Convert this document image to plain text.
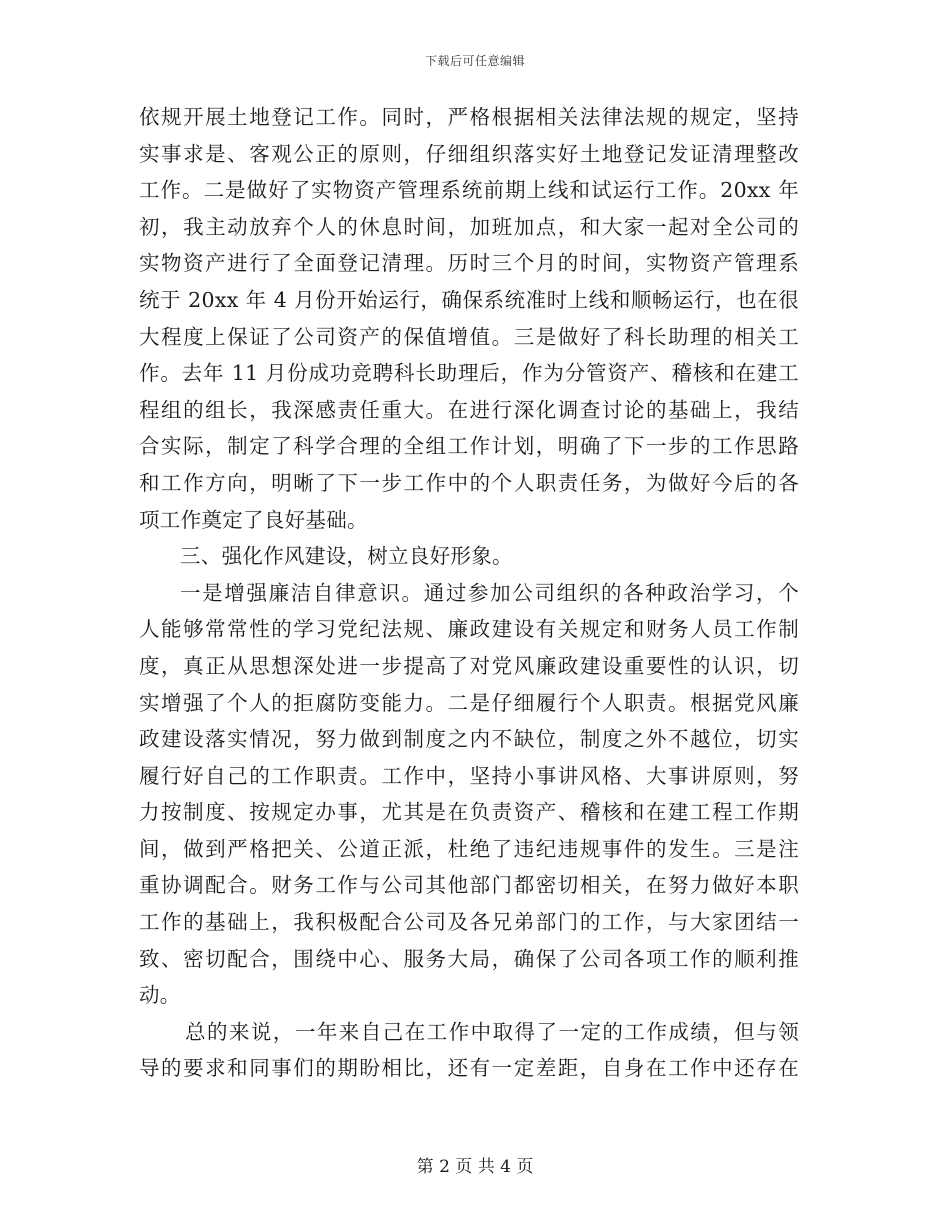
下载后可任意编辑
依规开展土地登记工作。同时，严格根据相关法律法规的规定，坚持
实事求是、客观公正的原则，仔细组织落实好土地登记发证清理整改
工作。二是做好了实物资产管理系统前期上线和试运行工作。20xx 年
初，我主动放弃个人的休息时间，加班加点，和大家一起对全公司的
实物资产进行了全面登记清理。历时三个月的时间，实物资产管理系
统于 20xx 年 4 月份开始运行，确保系统准时上线和顺畅运行，也在很
大程度上保证了公司资产的保值增值。三是做好了科长助理的相关工
作。去年 11 月份成功竞聘科长助理后，作为分管资产、稽核和在建工
程组的组长，我深感责任重大。在进行深化调查讨论的基础上，我结
合实际，制定了科学合理的全组工作计划，明确了下一步的工作思路
和工作方向，明晰了下一步工作中的个人职责任务，为做好今后的各
项工作奠定了良好基础。
三、强化作风建设，树立良好形象。
一是增强廉洁自律意识。通过参加公司组织的各种政治学习，个
人能够常常性的学习党纪法规、廉政建设有关规定和财务人员工作制
度，真正从思想深处进一步提高了对党风廉政建设重要性的认识，切
实增强了个人的拒腐防变能力。二是仔细履行个人职责。根据党风廉
政建设落实情况，努力做到制度之内不缺位，制度之外不越位，切实
履行好自己的工作职责。工作中，坚持小事讲风格、大事讲原则，努
力按制度、按规定办事，尤其是在负责资产、稽核和在建工程工作期
间，做到严格把关、公道正派，杜绝了违纪违规事件的发生。三是注
重协调配合。财务工作与公司其他部门都密切相关，在努力做好本职
工作的基础上，我积极配合公司及各兄弟部门的工作，与大家团结一
致、密切配合，围绕中心、服务大局，确保了公司各项工作的顺利推
动。
总的来说，一年来自己在工作中取得了一定的工作成绩，但与领
导的要求和同事们的期盼相比，还有一定差距，自身在工作中还存在
第 2 页 共 4 页
